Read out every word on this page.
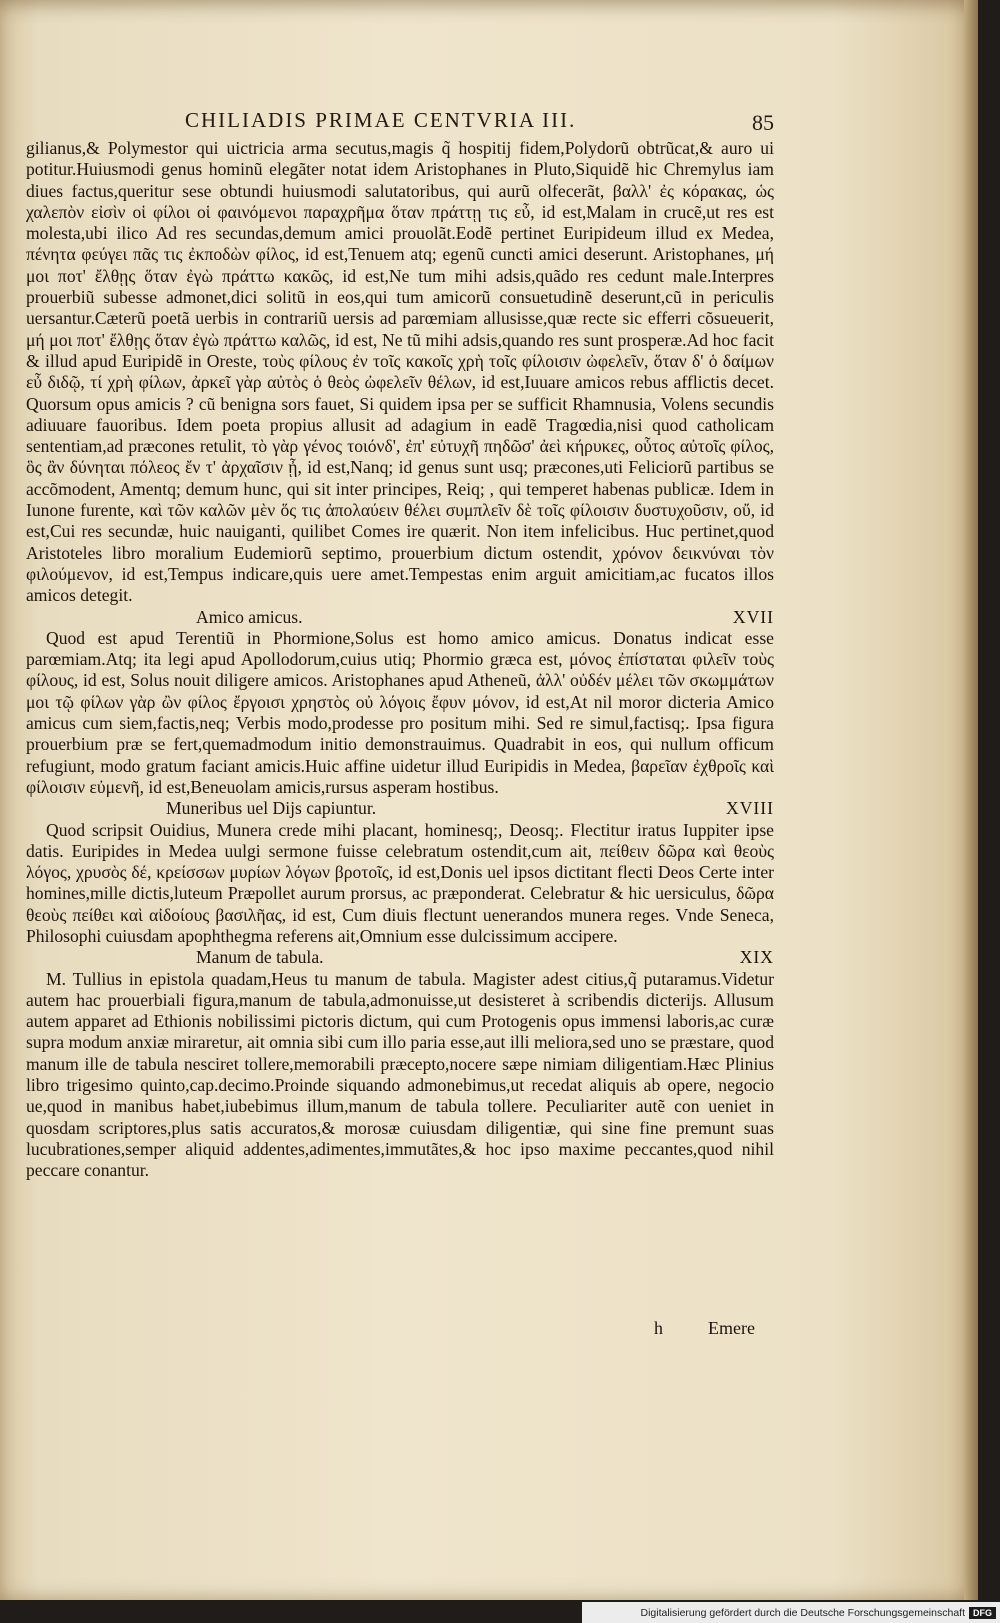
CHILIADIS PRIMAE CENTVRIA III.	85

gilianus,& Polymestor qui uictricia arma secutus,magis q̃ hospitij fidem,Polydorũ obtrũcat,& auro ui potitur.Huiusmodi genus hominũ elegãter notat idem Aristophanes in Pluto,Siquidẽ hic Chremylus iam diues factus,queritur sese obtundi huiusmodi salutatoribus, qui aurũ olfecerãt, βαλλ' ἐς κόρακας, ὡς χαλεπὸν εἰσὶν οἱ φίλοι οἱ φαινόμενοι παραχρῆμα ὅταν πράττῃ τις εὖ, id est,Malam in crucẽ,ut res est molesta,ubi ilico Ad res secundas,demum amici prouolãt.Eodẽ pertinet Euripideum illud ex Medea, πένητα φεύγει πᾶς τις ἐκποδὼν φίλος, id est,Tenuem atq; egenũ cuncti amici deserunt. Aristophanes, μή μοι ποτ' ἔλθῃς ὅταν ἐγὼ πράττω κακῶς, id est,Ne tum mihi adsis,quãdo res cedunt male.Interpres prouerbiũ subesse admonet,dici solitũ in eos,qui tum amicorũ consuetudinẽ deserunt,cũ in periculis uersantur.Cæterũ poetã uerbis in contrariũ uersis ad parœmiam allusisse,quæ recte sic efferri cõsueuerit, μή μοι ποτ' ἔλθῃς ὅταν ἐγὼ πράττω καλῶς, id est, Ne tũ mihi adsis,quando res sunt prosperæ.Ad hoc facit & illud apud Euripidẽ in Oreste, τοὺς φίλους ἐν τοῖς κακοῖς χρὴ τοῖς φίλοισιν ὠφελεῖν, ὅταν δ' ὁ δαίμων εὖ διδῷ, τί χρὴ φίλων, ἀρκεῖ γὰρ αὐτὸς ὁ θεὸς ὠφελεῖν θέλων, id est,Iuuare amicos rebus afflictis decet. Quorsum opus amicis ? cũ benigna sors fauet, Si quidem ipsa per se sufficit Rhamnusia, Volens secundis adiuuare fauoribus. Idem poeta propius allusit ad adagium in eadẽ Tragœdia,nisi quod catholicam sententiam,ad præcones retulit, τὸ γὰρ γένος τοιόνδ', ἐπ' εὐτυχῆ πηδῶσ' ἀεὶ κήρυκες, οὗτος αὐτοῖς φίλος, ὃς ἂν δύνηται πόλεος ἔν τ' ἀρχαῖσιν ᾖ, id est,Nanq; id genus sunt usq; præcones,uti Feliciorũ partibus se accõmodent, Amentq; demum hunc, qui sit inter principes, Reiq; , qui temperet habenas publicæ. Idem in Iunone furente, καὶ τῶν καλῶν μὲν ὅς τις ἀπολαύειν θέλει συμπλεῖν δὲ τοῖς φίλοισιν δυστυχοῦσιν, οὔ, id est,Cui res secundæ, huic nauiganti, quilibet Comes ire quærit. Non item infelicibus. Huc pertinet,quod Aristoteles libro moralium Eudemiorũ septimo, prouerbium dictum ostendit, χρόνον δεικνύναι τὸν φιλούμενον, id est,Tempus indicare,quis uere amet.Tempestas enim arguit amicitiam,ac fucatos illos amicos detegit.

Amico amicus.	XVII

Quod est apud Terentiũ in Phormione,Solus est homo amico amicus. Donatus indicat esse parœmiam.Atq; ita legi apud Apollodorum,cuius utiq; Phormio græca est, μόνος ἐπίσταται φιλεῖν τοὺς φίλους, id est, Solus nouit diligere amicos. Aristophanes apud Atheneũ, ἀλλ' οὐδέν μέλει τῶν σκωμμάτων μοι τῷ φίλων γὰρ ὢν φίλος ἔργοισι χρηστὸς οὐ λόγοις ἔφυν μόνον, id est,At nil moror dicteria Amico amicus cum siem,factis,neq; Verbis modo,prodesse pro positum mihi. Sed re simul,factisq;. Ipsa figura prouerbium præ se fert,quemadmodum initio demonstrauimus. Quadrabit in eos, qui nullum officum refugiunt, modo gratum faciant amicis.Huic affine uidetur illud Euripidis in Medea, βαρεῖαν ἐχθροῖς καὶ φίλοισιν εὐμενῆ, id est,Beneuolam amicis,rursus asperam hostibus.

Muneribus uel Dijs capiuntur.	XVIII

Quod scripsit Ouidius, Munera crede mihi placant, hominesq;, Deosq;. Flectitur iratus Iuppiter ipse datis. Euripides in Medea uulgi sermone fuisse celebratum ostendit,cum ait, πείθειν δῶρα καὶ θεοὺς λόγος, χρυσὸς δέ, κρείσσων μυρίων λόγων βροτοῖς, id est,Donis uel ipsos dictitant flecti Deos Certe inter homines,mille dictis,luteum Præpollet aurum prorsus, ac præponderat. Celebratur & hic uersiculus, δῶρα θεοὺς πείθει καὶ αἰδοίους βασιλῆας, id est, Cum diuis flectunt uenerandos munera reges. Vnde Seneca, Philosophi cuiusdam apophthegma referens ait,Omnium esse dulcissimum accipere.

Manum de tabula.	XIX

M. Tullius in epistola quadam,Heus tu manum de tabula. Magister adest citius,q̃ putaramus.Videtur autem hac prouerbiali figura,manum de tabula,admonuisse,ut desisteret à scribendis dicterijs. Allusum autem apparet ad Ethionis nobilissimi pictoris dictum, qui cum Protogenis opus immensi laboris,ac curæ supra modum anxiæ miraretur, ait omnia sibi cum illo paria esse,aut illi meliora,sed uno se præstare, quod manum ille de tabula nesciret tollere,memorabili præcepto,nocere sæpe nimiam diligentiam.Hæc Plinius libro trigesimo quinto,cap.decimo.Proinde siquando admonebimus,ut recedat aliquis ab opere, negocio ue,quod in manibus habet,iubebimus illum,manum de tabula tollere. Peculiariter autẽ con ueniet in quosdam scriptores,plus satis accuratos,& morosæ cuiusdam diligentiæ, qui sine fine premunt suas lucubrationes,semper aliquid addentes,adimentes,immutãtes,& hoc ipso maxime peccantes,quod nihil peccare conantur.

h	Emere
Digitalisierung gefördert durch die Deutsche Forschungsgemeinschaft DFG
